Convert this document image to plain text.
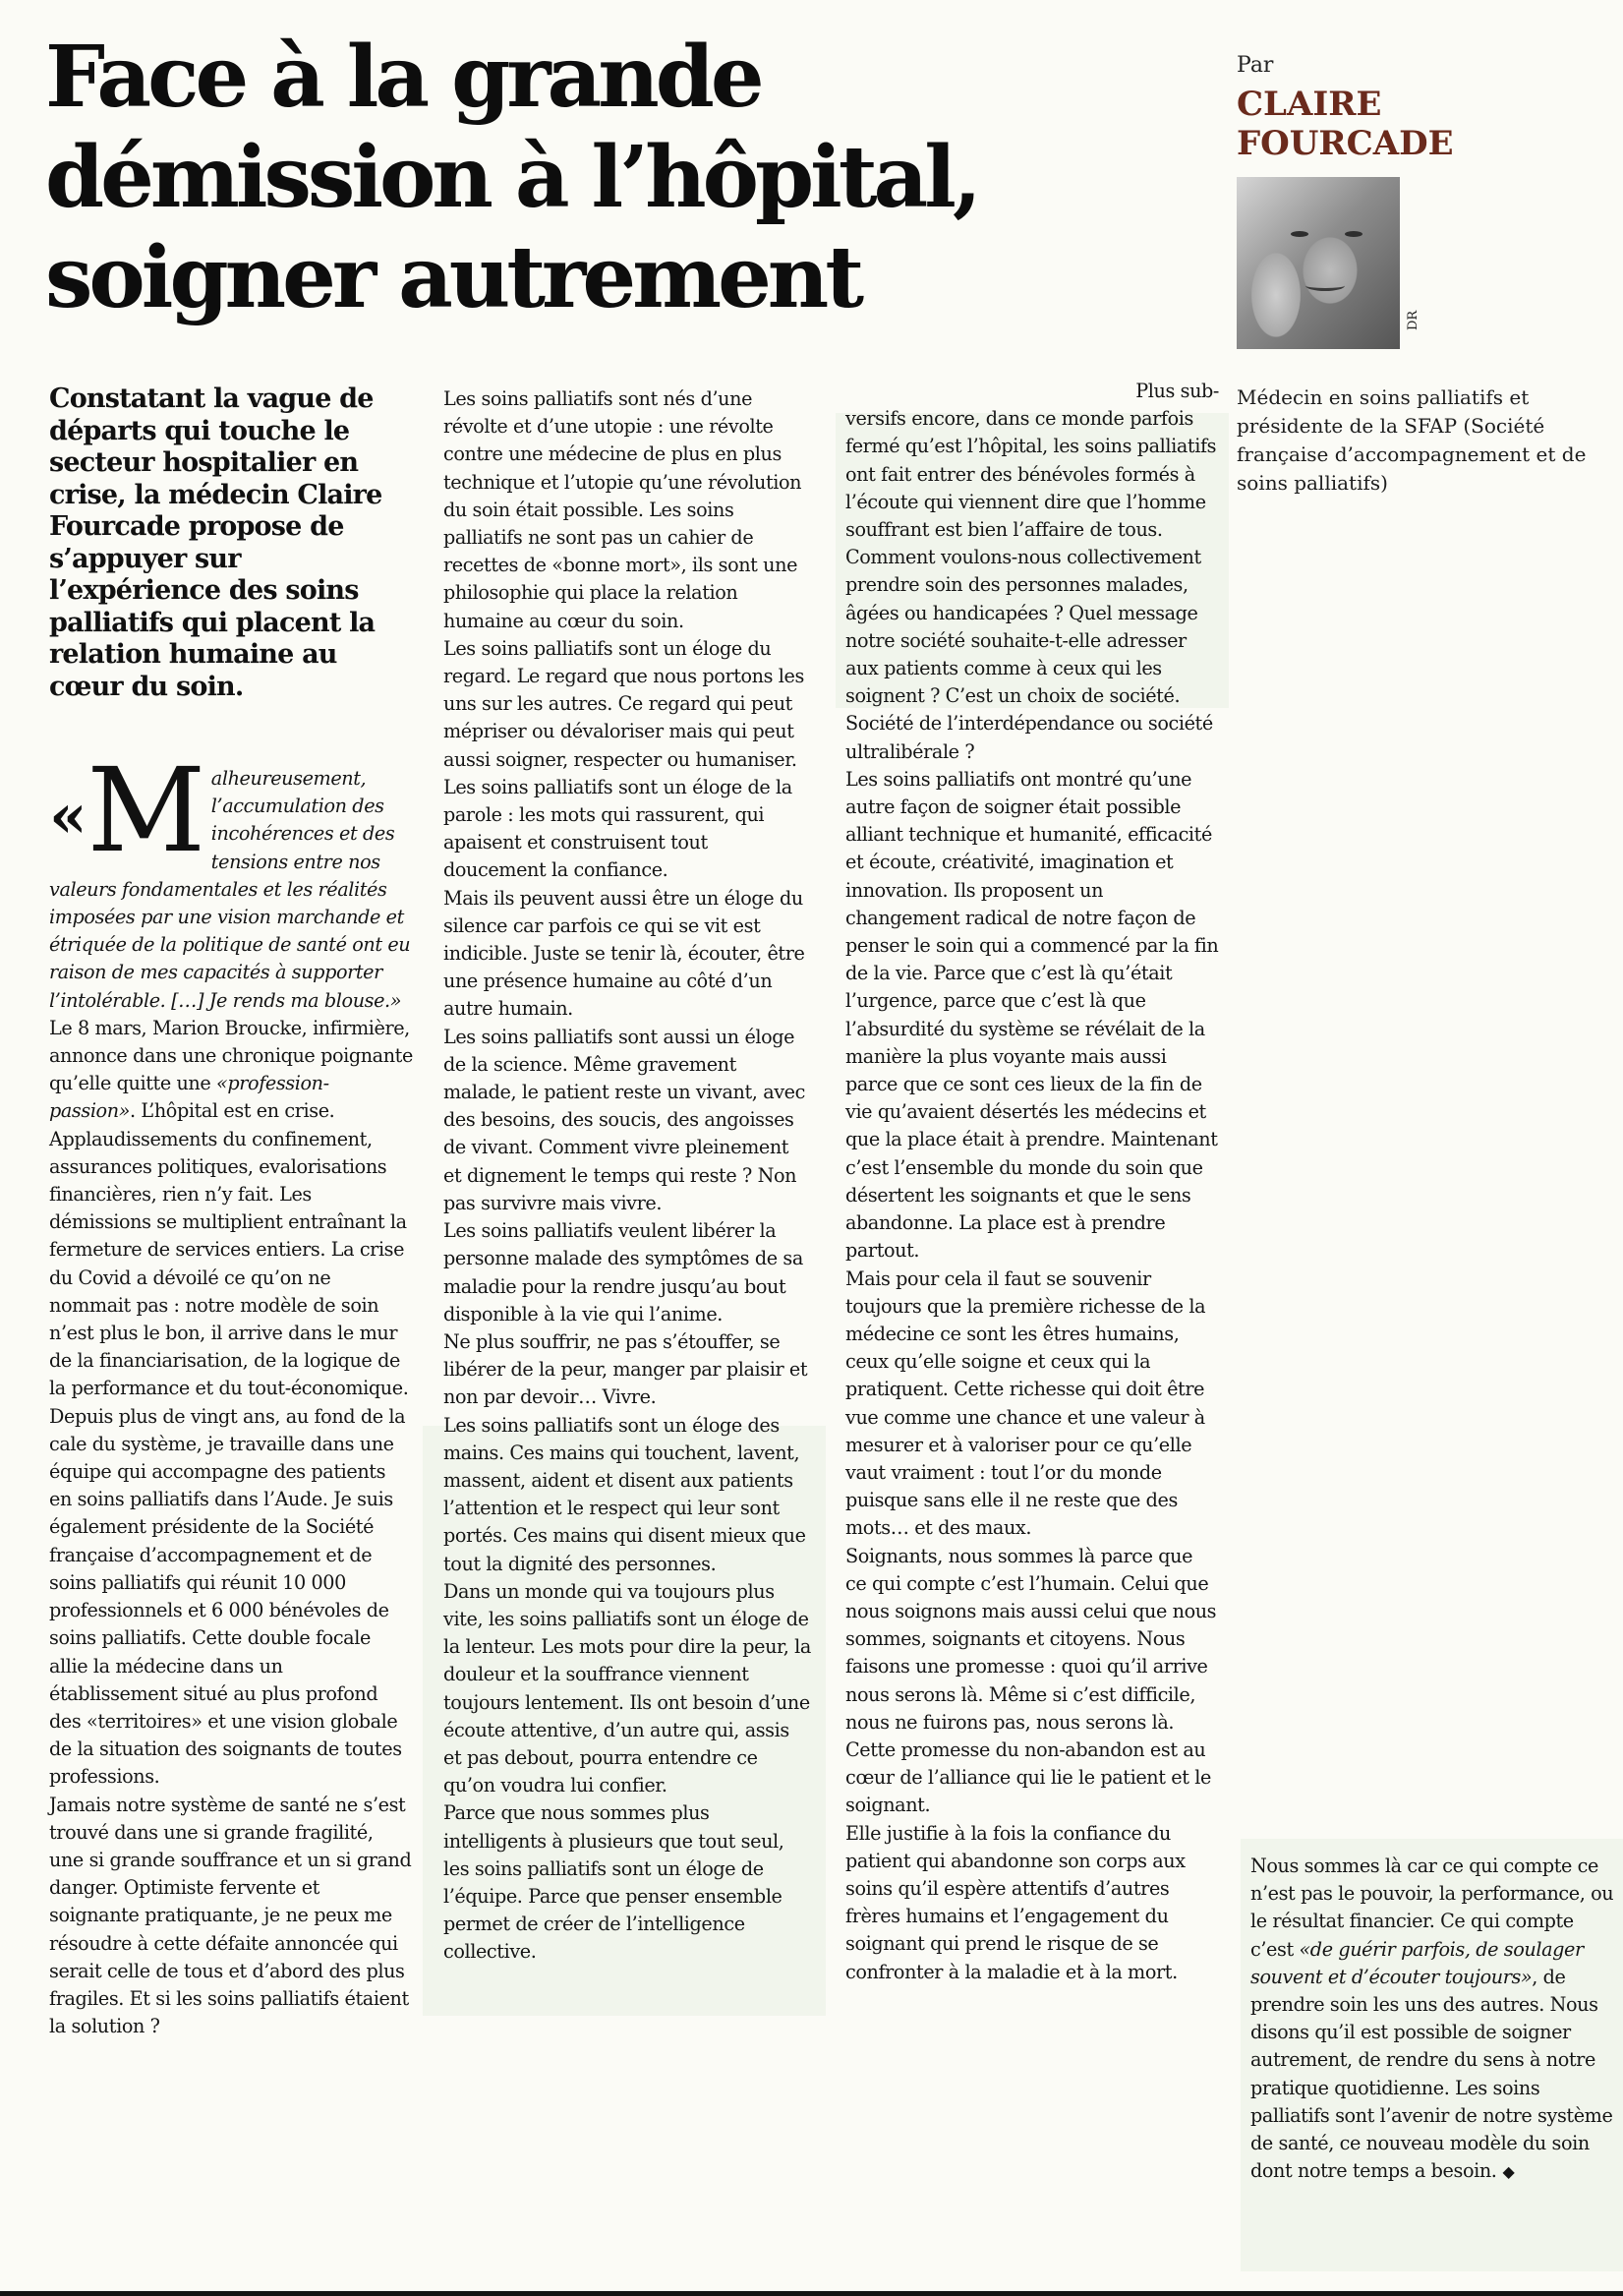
Face à la grande
démission à l’hôpital,
soigner autrement
Par
CLAIRE
FOURCADE
DR
Médecin en soins palliatifs et présidente de la SFAP (Société française d’accompagnement et de soins palliatifs)
Constatant la vague de départs qui touche le secteur hospitalier en crise, la médecin Claire Fourcade propose de s’appuyer sur l’expérience des soins palliatifs qui placent la relation humaine au cœur du soin.

«M alheureusement, l’accumulation des incohérences et des tensions entre nos valeurs fondamentales et les réalités imposées par une vision marchande et étriquée de la politique de santé ont eu raison de mes capacités à supporter l’intolérable. […] Je rends ma blouse.» Le 8 mars, Marion Broucke, infirmière, annonce dans une chronique poignante qu’elle quitte une «profession-passion». L’hôpital est en crise. Applaudissements du confinement, assurances politiques, evalorisations financières, rien n’y fait. Les démissions se multiplient entraînant la fermeture de services entiers. La crise du Covid a dévoilé ce qu’on ne nommait pas : notre modèle de soin n’est plus le bon, il arrive dans le mur de la financiarisation, de la logique de la performance et du tout-économique.

Depuis plus de vingt ans, au fond de la cale du système, je travaille dans une équipe qui accompagne des patients en soins palliatifs dans l’Aude. Je suis également présidente de la Société française d’accompagnement et de soins palliatifs qui réunit 10 000 professionnels et 6 000 bénévoles de soins palliatifs. Cette double focale allie la médecine dans un établissement situé au plus profond des «territoires» et une vision globale de la situation des soignants de toutes professions.

Jamais notre système de santé ne s’est trouvé dans une si grande fragilité, une si grande souffrance et un si grand danger. Optimiste fervente et soignante pratiquante, je ne peux me résoudre à cette défaite annoncée qui serait celle de tous et d’abord des plus fragiles. Et si les soins palliatifs étaient la solution ?

Les soins palliatifs sont nés d’une révolte et d’une utopie : une révolte contre une médecine de plus en plus technique et l’utopie qu’une révolution du soin était possible. Les soins palliatifs ne sont pas un cahier de recettes de «bonne mort», ils sont une philosophie qui place la relation humaine au cœur du soin.

Les soins palliatifs sont un éloge du regard. Le regard que nous portons les uns sur les autres. Ce regard qui peut mépriser ou dévaloriser mais qui peut aussi soigner, respecter ou humaniser.

Les soins palliatifs sont un éloge de la parole : les mots qui rassurent, qui apaisent et construisent tout doucement la confiance.

Mais ils peuvent aussi être un éloge du silence car parfois ce qui se vit est indicible. Juste se tenir là, écouter, être une présence humaine au côté d’un autre humain.

Les soins palliatifs sont aussi un éloge de la science. Même gravement malade, le patient reste un vivant, avec des besoins, des soucis, des angoisses de vivant. Comment vivre pleinement et dignement le temps qui reste ? Non pas survivre mais vivre.

Les soins palliatifs veulent libérer la personne malade des symptômes de sa maladie pour la rendre jusqu’au bout disponible à la vie qui l’anime.

Ne plus souffrir, ne pas s’étouffer, se libérer de la peur, manger par plaisir et non par devoir… Vivre.

Les soins palliatifs sont un éloge des mains. Ces mains qui touchent, lavent, massent, aident et disent aux patients l’attention et le respect qui leur sont portés. Ces mains qui disent mieux que tout la dignité des personnes.

Dans un monde qui va toujours plus vite, les soins palliatifs sont un éloge de la lenteur. Les mots pour dire la peur, la douleur et la souffrance viennent toujours lentement. Ils ont besoin d’une écoute attentive, d’un autre qui, assis et pas debout, pourra entendre ce qu’on voudra lui confier.

Parce que nous sommes plus intelligents à plusieurs que tout seul, les soins palliatifs sont un éloge de l’équipe. Parce que penser ensemble permet de créer de l’intelligence collective.

Plus sub-

versifs encore, dans ce monde parfois fermé qu’est l’hôpital, les soins palliatifs ont fait entrer des bénévoles formés à l’écoute qui viennent dire que l’homme souffrant est bien l’affaire de tous.

Comment voulons-nous collectivement prendre soin des personnes malades, âgées ou handicapées ? Quel message notre société souhaite-t-elle adresser aux patients comme à ceux qui les soignent ? C’est un choix de société. Société de l’interdépendance ou société ultralibérale ?

Les soins palliatifs ont montré qu’une autre façon de soigner était possible alliant technique et humanité, efficacité et écoute, créativité, imagination et innovation. Ils proposent un changement radical de notre façon de penser le soin qui a commencé par la fin de la vie. Parce que c’est là qu’était l’urgence, parce que c’est là que l’absurdité du système se révélait de la manière la plus voyante mais aussi parce que ce sont ces lieux de la fin de vie qu’avaient désertés les médecins et que la place était à prendre. Maintenant c’est l’ensemble du monde du soin que désertent les soignants et que le sens abandonne. La place est à prendre partout.

Mais pour cela il faut se souvenir toujours que la première richesse de la médecine ce sont les êtres humains, ceux qu’elle soigne et ceux qui la pratiquent. Cette richesse qui doit être vue comme une chance et une valeur à mesurer et à valoriser pour ce qu’elle vaut vraiment : tout l’or du monde puisque sans elle il ne reste que des mots… et des maux.

Soignants, nous sommes là parce que ce qui compte c’est l’humain. Celui que nous soignons mais aussi celui que nous sommes, soignants et citoyens. Nous faisons une promesse : quoi qu’il arrive nous serons là. Même si c’est difficile, nous ne fuirons pas, nous serons là. Cette promesse du non-abandon est au cœur de l’alliance qui lie le patient et le soignant.

Elle justifie à la fois la confiance du patient qui abandonne son corps aux soins qu’il espère attentifs d’autres frères humains et l’engagement du soignant qui prend le risque de se confronter à la maladie et à la mort.

Nous sommes là car ce qui compte ce n’est pas le pouvoir, la performance, ou le résultat financier. Ce qui compte c’est «de guérir parfois, de soulager souvent et d’écouter toujours», de prendre soin les uns des autres. Nous disons qu’il est possible de soigner autrement, de rendre du sens à notre pratique quotidienne. Les soins palliatifs sont l’avenir de notre système de santé, ce nouveau modèle du soin dont notre temps a besoin. ◆
